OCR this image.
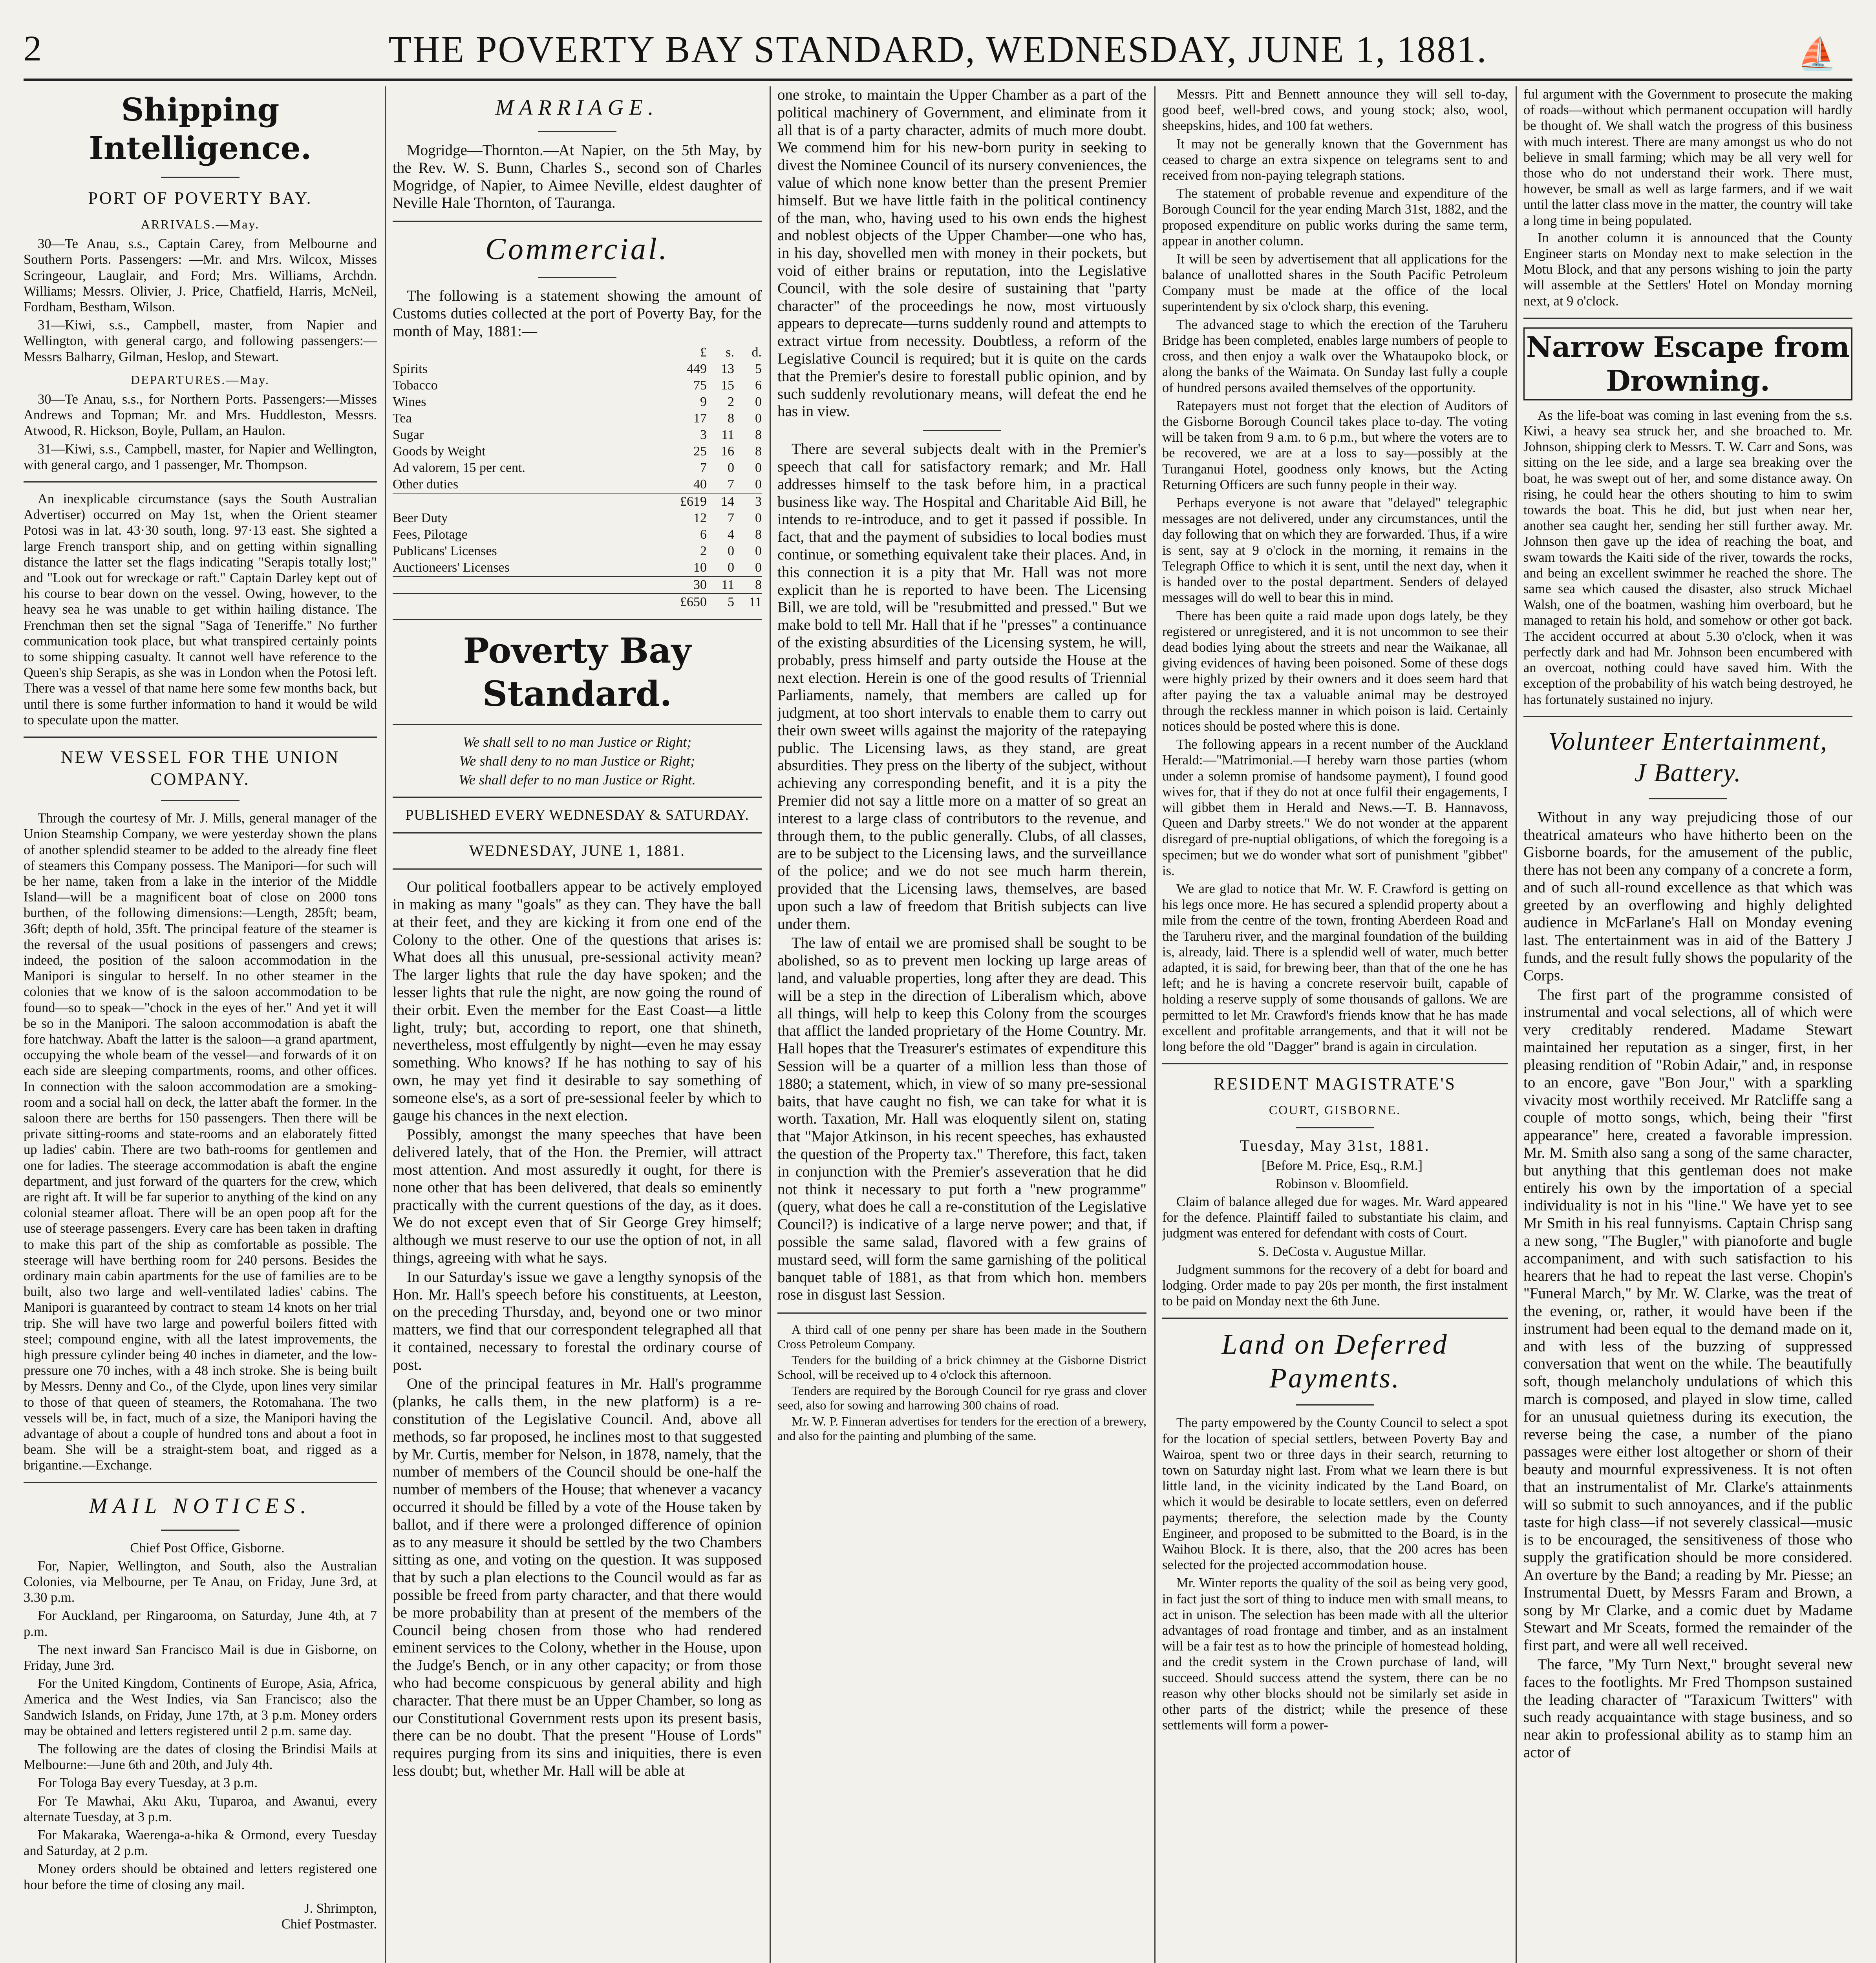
2	THE POVERTY BAY STANDARD, WEDNESDAY, JUNE 1, 1881.	⛵
Shipping Intelligence.
PORT OF POVERTY BAY.
ARRIVALS.—May.

30—Te Anau, s.s., Captain Carey, from Melbourne and Southern Ports. Passengers: —Mr. and Mrs. Wilcox, Misses Scringeour, Lauglair, and Ford; Mrs. Williams, Archdn. Williams; Messrs. Olivier, J. Price, Chatfield, Harris, McNeil, Fordham, Bestham, Wilson.

31—Kiwi, s.s., Campbell, master, from Napier and Wellington, with general cargo, and following passengers:—Messrs Balharry, Gilman, Heslop, and Stewart.

DEPARTURES.—May.

30—Te Anau, s.s., for Northern Ports. Passengers:—Misses Andrews and Topman; Mr. and Mrs. Huddleston, Messrs. Atwood, R. Hickson, Boyle, Pullam, an Haulon.

31—Kiwi, s.s., Campbell, master, for Napier and Wellington, with general cargo, and 1 passenger, Mr. Thompson.

An inexplicable circumstance (says the South Australian Advertiser) occurred on May 1st, when the Orient steamer Potosi was in lat. 43·30 south, long. 97·13 east. She sighted a large French transport ship, and on getting within signalling distance the latter set the flags indicating "Serapis totally lost;" and "Look out for wreckage or raft." Captain Darley kept out of his course to bear down on the vessel. Owing, however, to the heavy sea he was unable to get within hailing distance. The Frenchman then set the signal "Saga of Teneriffe." No further communication took place, but what transpired certainly points to some shipping casualty. It cannot well have reference to the Queen's ship Serapis, as she was in London when the Potosi left. There was a vessel of that name here some few months back, but until there is some further information to hand it would be wild to speculate upon the matter.

NEW VESSEL FOR THE UNION COMPANY.

Through the courtesy of Mr. J. Mills, general manager of the Union Steamship Company, we were yesterday shown the plans of another splendid steamer to be added to the already fine fleet of steamers this Company possess. The Manipori—for such will be her name, taken from a lake in the interior of the Middle Island—will be a magnificent boat of close on 2000 tons burthen, of the following dimensions:—Length, 285ft; beam, 36ft; depth of hold, 35ft. The principal feature of the steamer is the reversal of the usual positions of passengers and crews; indeed, the position of the saloon accommodation in the Manipori is singular to herself. In no other steamer in the colonies that we know of is the saloon accommodation to be found—so to speak—"chock in the eyes of her." And yet it will be so in the Manipori. The saloon accommodation is abaft the fore hatchway. Abaft the latter is the saloon—a grand apartment, occupying the whole beam of the vessel—and forwards of it on each side are sleeping compartments, rooms, and other offices. In connection with the saloon accommodation are a smoking-room and a social hall on deck, the latter abaft the former. In the saloon there are berths for 150 passengers. Then there will be private sitting-rooms and state-rooms and an elaborately fitted up ladies' cabin. There are two bath-rooms for gentlemen and one for ladies. The steerage accommodation is abaft the engine department, and just forward of the quarters for the crew, which are right aft. It will be far superior to anything of the kind on any colonial steamer afloat. There will be an open poop aft for the use of steerage passengers. Every care has been taken in drafting to make this part of the ship as comfortable as possible. The steerage will have berthing room for 240 persons. Besides the ordinary main cabin apartments for the use of families are to be built, also two large and well-ventilated ladies' cabins. The Manipori is guaranteed by contract to steam 14 knots on her trial trip. She will have two large and powerful boilers fitted with steel; compound engine, with all the latest improvements, the high pressure cylinder being 40 inches in diameter, and the low-pressure one 70 inches, with a 48 inch stroke. She is being built by Messrs. Denny and Co., of the Clyde, upon lines very similar to those of that queen of steamers, the Rotomahana. The two vessels will be, in fact, much of a size, the Manipori having the advantage of about a couple of hundred tons and about a foot in beam. She will be a straight-stem boat, and rigged as a brigantine.—Exchange.

MAIL NOTICES.

Chief Post Office, Gisborne.

For, Napier, Wellington, and South, also the Australian Colonies, via Melbourne, per Te Anau, on Friday, June 3rd, at 3.30 p.m.

For Auckland, per Ringarooma, on Saturday, June 4th, at 7 p.m.

The next inward San Francisco Mail is due in Gisborne, on Friday, June 3rd.

For the United Kingdom, Continents of Europe, Asia, Africa, America and the West Indies, via San Francisco; also the Sandwich Islands, on Friday, June 17th, at 3 p.m. Money orders may be obtained and letters registered until 2 p.m. same day.

The following are the dates of closing the Brindisi Mails at Melbourne:—June 6th and 20th, and July 4th.

For Tologa Bay every Tuesday, at 3 p.m.

For Te Mawhai, Aku Aku, Tuparoa, and Awanui, every alternate Tuesday, at 3 p.m.

For Makaraka, Waerenga-a-hika & Ormond, every Tuesday and Saturday, at 2 p.m.

Money orders should be obtained and letters registered one hour before the time of closing any mail.

J. Shrimpton,
Chief Postmaster.
MARRIAGE.

Mogridge—Thornton.—At Napier, on the 5th May, by the Rev. W. S. Bunn, Charles S., second son of Charles Mogridge, of Napier, to Aimee Neville, eldest daughter of Neville Hale Thornton, of Tauranga.

Commercial.

The following is a statement showing the amount of Customs duties collected at the port of Poverty Bay, for the month of May, 1881:—

	£	s.	d.
Spirits	449	13	5
Tobacco	75	15	6
Wines	9	2	0
Tea	17	8	0
Sugar	3	11	8
Goods by Weight	25	16	8
Ad valorem, 15 per cent.	7	0	0
Other duties	40	7	0
	£619	14	3
Beer Duty	12	7	0
Fees, Pilotage	6	4	8
Publicans' Licenses	2	0	0
Auctioneers' Licenses	10	0	0
	30	11	8
	£650	5	11
Poverty Bay Standard.
We shall sell to no man Justice or Right;
We shall deny to no man Justice or Right;
We shall defer to no man Justice or Right.
PUBLISHED EVERY WEDNESDAY & SATURDAY.
WEDNESDAY, JUNE 1, 1881.

Our political footballers appear to be actively employed in making as many "goals" as they can. They have the ball at their feet, and they are kicking it from one end of the Colony to the other. One of the questions that arises is: What does all this unusual, pre-sessional activity mean? The larger lights that rule the day have spoken; and the lesser lights that rule the night, are now going the round of their orbit. Even the member for the East Coast—a little light, truly; but, according to report, one that shineth, nevertheless, most effulgently by night—even he may essay something. Who knows? If he has nothing to say of his own, he may yet find it desirable to say something of someone else's, as a sort of pre-sessional feeler by which to gauge his chances in the next election.

Possibly, amongst the many speeches that have been delivered lately, that of the Hon. the Premier, will attract most attention. And most assuredly it ought, for there is none other that has been delivered, that deals so eminently practically with the current questions of the day, as it does. We do not except even that of Sir George Grey himself; although we must reserve to our use the option of not, in all things, agreeing with what he says.

In our Saturday's issue we gave a lengthy synopsis of the Hon. Mr. Hall's speech before his constituents, at Leeston, on the preceding Thursday, and, beyond one or two minor matters, we find that our correspondent telegraphed all that it contained, necessary to forestal the ordinary course of post.

One of the principal features in Mr. Hall's programme (planks, he calls them, in the new platform) is a re-constitution of the Legislative Council. And, above all methods, so far proposed, he inclines most to that suggested by Mr. Curtis, member for Nelson, in 1878, namely, that the number of members of the Council should be one-half the number of members of the House; that whenever a vacancy occurred it should be filled by a vote of the House taken by ballot, and if there were a prolonged difference of opinion as to any measure it should be settled by the two Chambers sitting as one, and voting on the question. It was supposed that by such a plan elections to the Council would as far as possible be freed from party character, and that there would be more probability than at present of the members of the Council being chosen from those who had rendered eminent services to the Colony, whether in the House, upon the Judge's Bench, or in any other capacity; or from those who had become conspicuous by general ability and high character. That there must be an Upper Chamber, so long as our Constitutional Government rests upon its present basis, there can be no doubt. That the present "House of Lords" requires purging from its sins and iniquities, there is even less doubt; but, whether Mr. Hall will be able at

one stroke, to maintain the Upper Chamber as a part of the political machinery of Government, and eliminate from it all that is of a party character, admits of much more doubt. We commend him for his new-born purity in seeking to divest the Nominee Council of its nursery conveniences, the value of which none know better than the present Premier himself. But we have little faith in the political continency of the man, who, having used to his own ends the highest and noblest objects of the Upper Chamber—one who has, in his day, shovelled men with money in their pockets, but void of either brains or reputation, into the Legislative Council, with the sole desire of sustaining that "party character" of the proceedings he now, most virtuously appears to deprecate—turns suddenly round and attempts to extract virtue from necessity. Doubtless, a reform of the Legislative Council is required; but it is quite on the cards that the Premier's desire to forestall public opinion, and by such suddenly revolutionary means, will defeat the end he has in view.

There are several subjects dealt with in the Premier's speech that call for satisfactory remark; and Mr. Hall addresses himself to the task before him, in a practical business like way. The Hospital and Charitable Aid Bill, he intends to re-introduce, and to get it passed if possible. In fact, that and the payment of subsidies to local bodies must continue, or something equivalent take their places. And, in this connection it is a pity that Mr. Hall was not more explicit than he is reported to have been. The Licensing Bill, we are told, will be "resubmitted and pressed." But we make bold to tell Mr. Hall that if he "presses" a continuance of the existing absurdities of the Licensing system, he will, probably, press himself and party outside the House at the next election. Herein is one of the good results of Triennial Parliaments, namely, that members are called up for judgment, at too short intervals to enable them to carry out their own sweet wills against the majority of the ratepaying public. The Licensing laws, as they stand, are great absurdities. They press on the liberty of the subject, without achieving any corresponding benefit, and it is a pity the Premier did not say a little more on a matter of so great an interest to a large class of contributors to the revenue, and through them, to the public generally. Clubs, of all classes, are to be subject to the Licensing laws, and the surveillance of the police; and we do not see much harm therein, provided that the Licensing laws, themselves, are based upon such a law of freedom that British subjects can live under them.

The law of entail we are promised shall be sought to be abolished, so as to prevent men locking up large areas of land, and valuable properties, long after they are dead. This will be a step in the direction of Liberalism which, above all things, will help to keep this Colony from the scourges that afflict the landed proprietary of the Home Country. Mr. Hall hopes that the Treasurer's estimates of expenditure this Session will be a quarter of a million less than those of 1880; a statement, which, in view of so many pre-sessional baits, that have caught no fish, we can take for what it is worth. Taxation, Mr. Hall was eloquently silent on, stating that "Major Atkinson, in his recent speeches, has exhausted the question of the Property tax." Therefore, this fact, taken in conjunction with the Premier's asseveration that he did not think it necessary to put forth a "new programme" (query, what does he call a re-constitution of the Legislative Council?) is indicative of a large nerve power; and that, if possible the same salad, flavored with a few grains of mustard seed, will form the same garnishing of the political banquet table of 1881, as that from which hon. members rose in disgust last Session.

A third call of one penny per share has been made in the Southern Cross Petroleum Company.

Tenders for the building of a brick chimney at the Gisborne District School, will be received up to 4 o'clock this afternoon.

Tenders are required by the Borough Council for rye grass and clover seed, also for sowing and harrowing 300 chains of road.

Mr. W. P. Finneran advertises for tenders for the erection of a brewery, and also for the painting and plumbing of the same.

Messrs. Pitt and Bennett announce they will sell to-day, good beef, well-bred cows, and young stock; also, wool, sheepskins, hides, and 100 fat wethers.

It may not be generally known that the Government has ceased to charge an extra sixpence on telegrams sent to and received from non-paying telegraph stations.

The statement of probable revenue and expenditure of the Borough Council for the year ending March 31st, 1882, and the proposed expenditure on public works during the same term, appear in another column.

It will be seen by advertisement that all applications for the balance of unallotted shares in the South Pacific Petroleum Company must be made at the office of the local superintendent by six o'clock sharp, this evening.

The advanced stage to which the erection of the Taruheru Bridge has been completed, enables large numbers of people to cross, and then enjoy a walk over the Whataupoko block, or along the banks of the Waimata. On Sunday last fully a couple of hundred persons availed themselves of the opportunity.

Ratepayers must not forget that the election of Auditors of the Gisborne Borough Council takes place to-day. The voting will be taken from 9 a.m. to 6 p.m., but where the voters are to be recovered, we are at a loss to say—possibly at the Turanganui Hotel, goodness only knows, but the Acting Returning Officers are such funny people in their way.

Perhaps everyone is not aware that "delayed" telegraphic messages are not delivered, under any circumstances, until the day following that on which they are forwarded. Thus, if a wire is sent, say at 9 o'clock in the morning, it remains in the Telegraph Office to which it is sent, until the next day, when it is handed over to the postal department. Senders of delayed messages will do well to bear this in mind.

There has been quite a raid made upon dogs lately, be they registered or unregistered, and it is not uncommon to see their dead bodies lying about the streets and near the Waikanae, all giving evidences of having been poisoned. Some of these dogs were highly prized by their owners and it does seem hard that after paying the tax a valuable animal may be destroyed through the reckless manner in which poison is laid. Certainly notices should be posted where this is done.

The following appears in a recent number of the Auckland Herald:—"Matrimonial.—I hereby warn those parties (whom under a solemn promise of handsome payment), I found good wives for, that if they do not at once fulfil their engagements, I will gibbet them in Herald and News.—T. B. Hannavoss, Queen and Darby streets." We do not wonder at the apparent disregard of pre-nuptial obligations, of which the foregoing is a specimen; but we do wonder what sort of punishment "gibbet" is.

We are glad to notice that Mr. W. F. Crawford is getting on his legs once more. He has secured a splendid property about a mile from the centre of the town, fronting Aberdeen Road and the Taruheru river, and the marginal foundation of the building is, already, laid. There is a splendid well of water, much better adapted, it is said, for brewing beer, than that of the one he has left; and he is having a concrete reservoir built, capable of holding a reserve supply of some thousands of gallons. We are permitted to let Mr. Crawford's friends know that he has made excellent and profitable arrangements, and that it will not be long before the old "Dagger" brand is again in circulation.

RESIDENT MAGISTRATE'S
COURT, GISBORNE.
Tuesday, May 31st, 1881.

[Before M. Price, Esq., R.M.]

Robinson v. Bloomfield.

Claim of balance alleged due for wages. Mr. Ward appeared for the defence. Plaintiff failed to substantiate his claim, and judgment was entered for defendant with costs of Court.

S. DeCosta v. Augustue Millar.

Judgment summons for the recovery of a debt for board and lodging. Order made to pay 20s per month, the first instalment to be paid on Monday next the 6th June.

Land on Deferred
Payments.

The party empowered by the County Council to select a spot for the location of special settlers, between Poverty Bay and Wairoa, spent two or three days in their search, returning to town on Saturday night last. From what we learn there is but little land, in the vicinity indicated by the Land Board, on which it would be desirable to locate settlers, even on deferred payments; therefore, the selection made by the County Engineer, and proposed to be submitted to the Board, is in the Waihou Block. It is there, also, that the 200 acres has been selected for the projected accommodation house.

Mr. Winter reports the quality of the soil as being very good, in fact just the sort of thing to induce men with small means, to act in unison. The selection has been made with all the ulterior advantages of road frontage and timber, and as an instalment will be a fair test as to how the principle of homestead holding, and the credit system in the Crown purchase of land, will succeed. Should success attend the system, there can be no reason why other blocks should not be similarly set aside in other parts of the district; while the presence of these settlements will form a power-

ful argument with the Government to prosecute the making of roads—without which permanent occupation will hardly be thought of. We shall watch the progress of this business with much interest. There are many amongst us who do not believe in small farming; which may be all very well for those who do not understand their work. There must, however, be small as well as large farmers, and if we wait until the latter class move in the matter, the country will take a long time in being populated.

In another column it is announced that the County Engineer starts on Monday next to make selection in the Motu Block, and that any persons wishing to join the party will assemble at the Settlers' Hotel on Monday morning next, at 9 o'clock.

Narrow Escape from
Drowning.

As the life-boat was coming in last evening from the s.s. Kiwi, a heavy sea struck her, and she broached to. Mr. Johnson, shipping clerk to Messrs. T. W. Carr and Sons, was sitting on the lee side, and a large sea breaking over the boat, he was swept out of her, and some distance away. On rising, he could hear the others shouting to him to swim towards the boat. This he did, but just when near her, another sea caught her, sending her still further away. Mr. Johnson then gave up the idea of reaching the boat, and swam towards the Kaiti side of the river, towards the rocks, and being an excellent swimmer he reached the shore. The same sea which caused the disaster, also struck Michael Walsh, one of the boatmen, washing him overboard, but he managed to retain his hold, and somehow or other got back. The accident occurred at about 5.30 o'clock, when it was perfectly dark and had Mr. Johnson been encumbered with an overcoat, nothing could have saved him. With the exception of the probability of his watch being destroyed, he has fortunately sustained no injury.

Volunteer Entertainment,
J Battery.

Without in any way prejudicing those of our theatrical amateurs who have hitherto been on the Gisborne boards, for the amusement of the public, there has not been any company of a concrete a form, and of such all-round excellence as that which was greeted by an overflowing and highly delighted audience in McFarlane's Hall on Monday evening last. The entertainment was in aid of the Battery J funds, and the result fully shows the popularity of the Corps.

The first part of the programme consisted of instrumental and vocal selections, all of which were very creditably rendered. Madame Stewart maintained her reputation as a singer, first, in her pleasing rendition of "Robin Adair," and, in response to an encore, gave "Bon Jour," with a sparkling vivacity most worthily received. Mr Ratcliffe sang a couple of motto songs, which, being their "first appearance" here, created a favorable impression. Mr. M. Smith also sang a song of the same character, but anything that this gentleman does not make entirely his own by the importation of a special individuality is not in his "line." We have yet to see Mr Smith in his real funnyisms. Captain Chrisp sang a new song, "The Bugler," with pianoforte and bugle accompaniment, and with such satisfaction to his hearers that he had to repeat the last verse. Chopin's "Funeral March," by Mr. W. Clarke, was the treat of the evening, or, rather, it would have been if the instrument had been equal to the demand made on it, and with less of the buzzing of suppressed conversation that went on the while. The beautifully soft, though melancholy undulations of which this march is composed, and played in slow time, called for an unusual quietness during its execution, the reverse being the case, a number of the piano passages were either lost altogether or shorn of their beauty and mournful expressiveness. It is not often that an instrumentalist of Mr. Clarke's attainments will so submit to such annoyances, and if the public taste for high class—if not severely classical—music is to be encouraged, the sensitiveness of those who supply the gratification should be more considered. An overture by the Band; a reading by Mr. Piesse; an Instrumental Duett, by Messrs Faram and Brown, a song by Mr Clarke, and a comic duet by Madame Stewart and Mr Sceats, formed the remainder of the first part, and were all well received.

The farce, "My Turn Next," brought several new faces to the footlights. Mr Fred Thompson sustained the leading character of "Taraxicum Twitters" with such ready acquaintance with stage business, and so near akin to professional ability as to stamp him an actor of
